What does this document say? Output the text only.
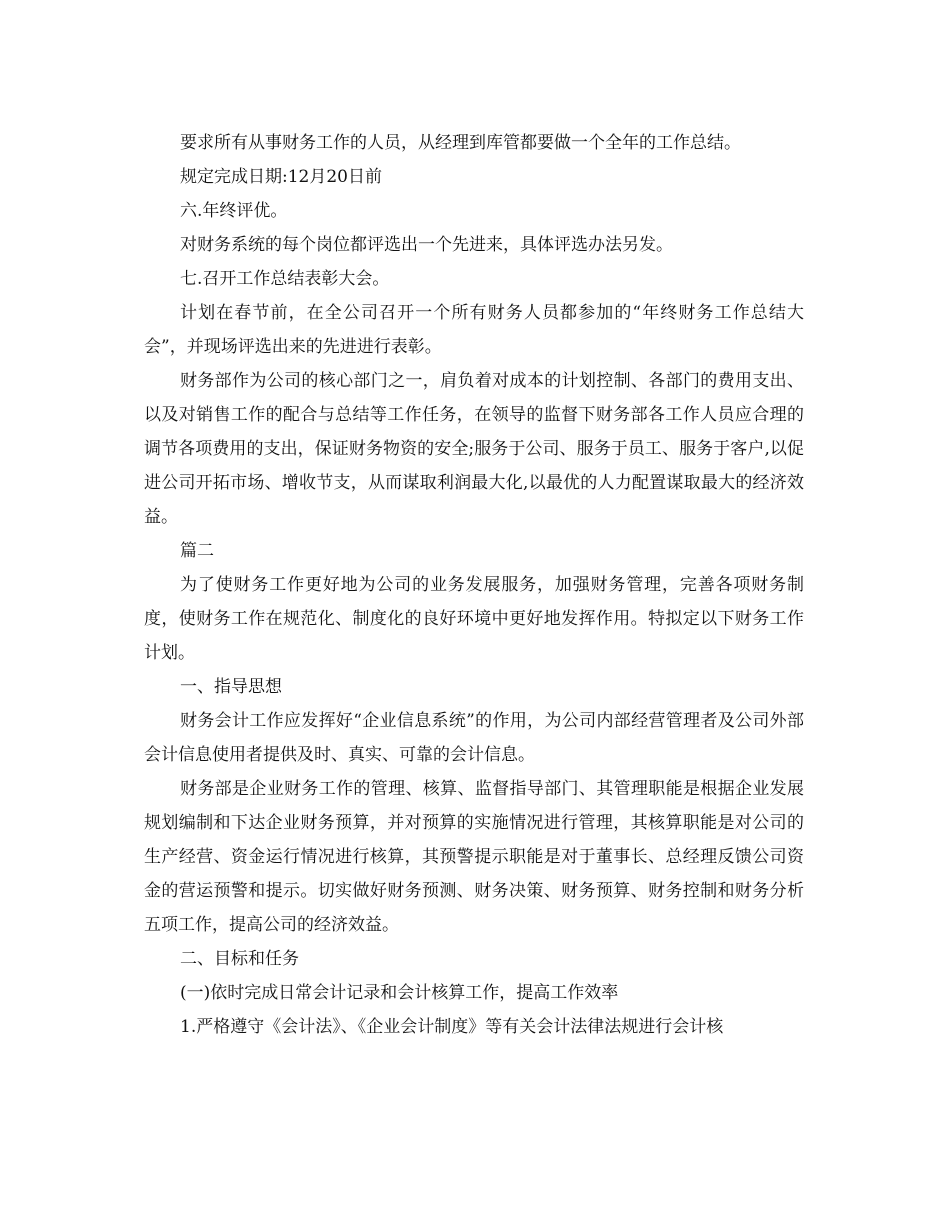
要求所有从事财务工作的人员，从经理到库管都要做一个全年的工作总结。

规定完成日期:12月20日前

六.年终评优。

对财务系统的每个岗位都评选出一个先进来，具体评选办法另发。

七.召开工作总结表彰大会。

计划在春节前，在全公司召开一个所有财务人员都参加的“年终财务工作总结大会”，并现场评选出来的先进进行表彰。

财务部作为公司的核心部门之一，肩负着对成本的计划控制、各部门的费用支出、以及对销售工作的配合与总结等工作任务，在领导的监督下财务部各工作人员应合理的调节各项费用的支出，保证财务物资的安全;服务于公司、服务于员工、服务于客户,以促进公司开拓市场、增收节支，从而谋取利润最大化,以最优的人力配置谋取最大的经济效益。

篇二

为了使财务工作更好地为公司的业务发展服务，加强财务管理，完善各项财务制度，使财务工作在规范化、制度化的良好环境中更好地发挥作用。特拟定以下财务工作计划。

一、指导思想

财务会计工作应发挥好“企业信息系统”的作用，为公司内部经营管理者及公司外部会计信息使用者提供及时、真实、可靠的会计信息。

财务部是企业财务工作的管理、核算、监督指导部门、其管理职能是根据企业发展规划编制和下达企业财务预算，并对预算的实施情况进行管理，其核算职能是对公司的生产经营、资金运行情况进行核算，其预警提示职能是对于董事长、总经理反馈公司资金的营运预警和提示。切实做好财务预测、财务决策、财务预算、财务控制和财务分析五项工作，提高公司的经济效益。

二、目标和任务

(一)依时完成日常会计记录和会计核算工作，提高工作效率

1.严格遵守《会计法》、《企业会计制度》等有关会计法律法规进行会计核
